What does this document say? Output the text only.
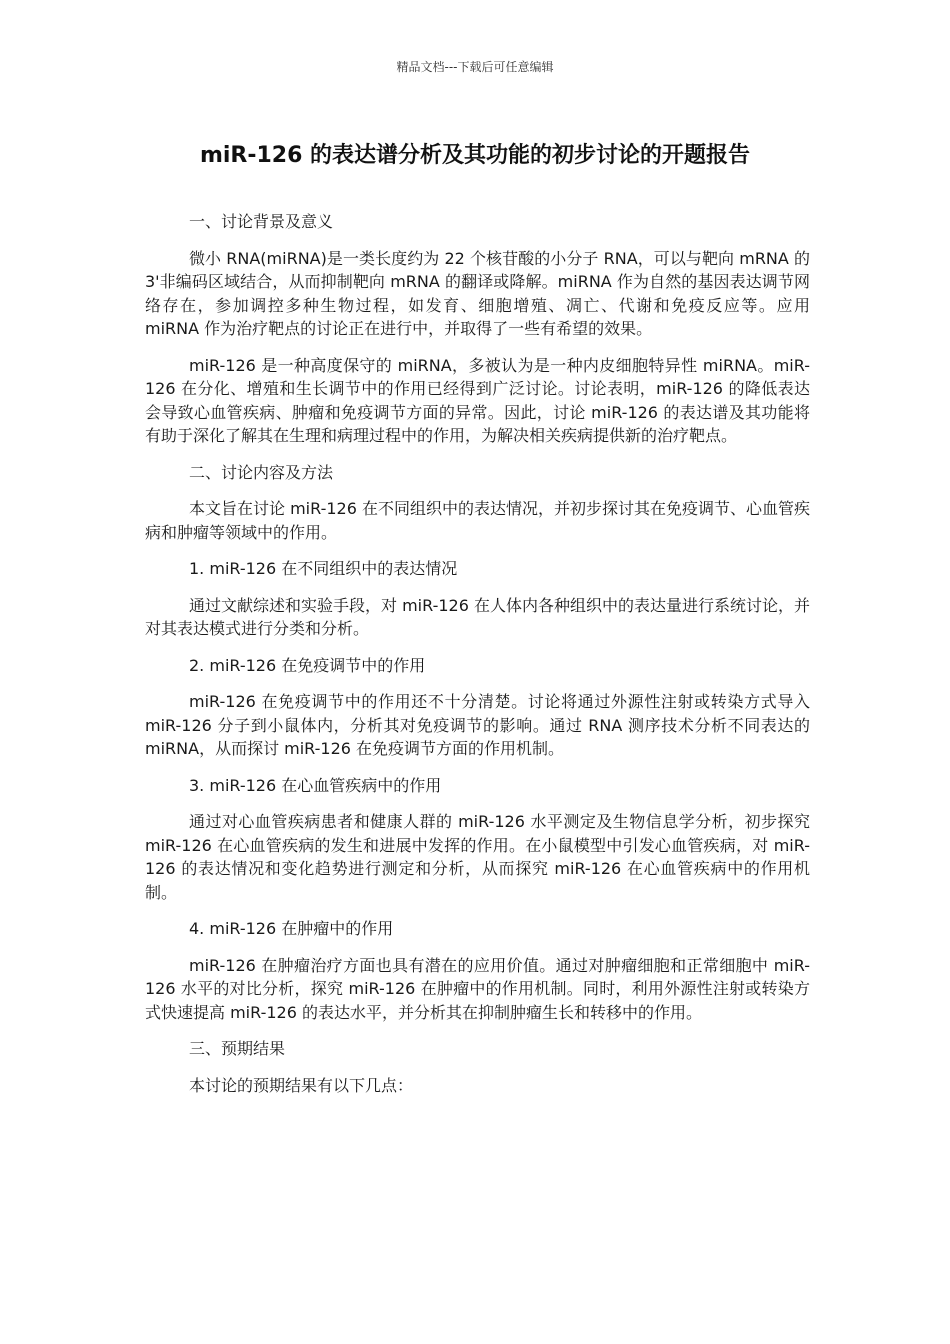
精品文档---下载后可任意编辑
miR-126 的表达谱分析及其功能的初步讨论的开题报告

一、讨论背景及意义

微小 RNA(miRNA)是一类长度约为 22 个核苷酸的小分子 RNA，可以与靶向 mRNA 的 3'非编码区域结合，从而抑制靶向 mRNA 的翻译或降解。miRNA 作为自然的基因表达调节网络存在，参加调控多种生物过程，如发育、细胞增殖、凋亡、代谢和免疫反应等。应用 miRNA 作为治疗靶点的讨论正在进行中，并取得了一些有希望的效果。

miR-126 是一种高度保守的 miRNA，多被认为是一种内皮细胞特异性 miRNA。miR-126 在分化、增殖和生长调节中的作用已经得到广泛讨论。讨论表明，miR-126 的降低表达会导致心血管疾病、肿瘤和免疫调节方面的异常。因此，讨论 miR-126 的表达谱及其功能将有助于深化了解其在生理和病理过程中的作用，为解决相关疾病提供新的治疗靶点。

二、讨论内容及方法

本文旨在讨论 miR-126 在不同组织中的表达情况，并初步探讨其在免疫调节、心血管疾病和肿瘤等领域中的作用。

1. miR-126 在不同组织中的表达情况

通过文献综述和实验手段，对 miR-126 在人体内各种组织中的表达量进行系统讨论，并对其表达模式进行分类和分析。

2. miR-126 在免疫调节中的作用

miR-126 在免疫调节中的作用还不十分清楚。讨论将通过外源性注射或转染方式导入 miR-126 分子到小鼠体内，分析其对免疫调节的影响。通过 RNA 测序技术分析不同表达的 miRNA，从而探讨 miR-126 在免疫调节方面的作用机制。

3. miR-126 在心血管疾病中的作用

通过对心血管疾病患者和健康人群的 miR-126 水平测定及生物信息学分析，初步探究 miR-126 在心血管疾病的发生和进展中发挥的作用。在小鼠模型中引发心血管疾病，对 miR-126 的表达情况和变化趋势进行测定和分析，从而探究 miR-126 在心血管疾病中的作用机制。

4. miR-126 在肿瘤中的作用

miR-126 在肿瘤治疗方面也具有潜在的应用价值。通过对肿瘤细胞和正常细胞中 miR-126 水平的对比分析，探究 miR-126 在肿瘤中的作用机制。同时，利用外源性注射或转染方式快速提高 miR-126 的表达水平，并分析其在抑制肿瘤生长和转移中的作用。

三、预期结果

本讨论的预期结果有以下几点：
